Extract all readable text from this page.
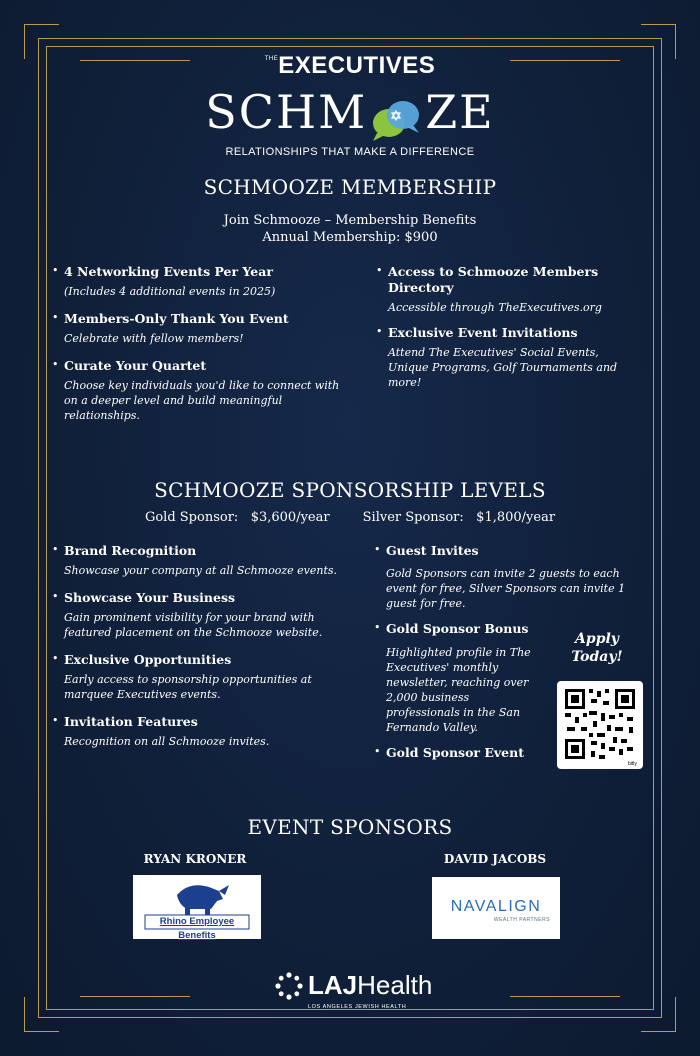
$^{THE}$EXECUTIVES
SCHM ZE
RELATIONSHIPS THAT MAKE A DIFFERENCE
SCHMOOZE MEMBERSHIP
Join Schmooze – Membership Benefits
Annual Membership: $900
• 4 Networking Events Per Year
(Includes 4 additional events in 2025)
• Members-Only Thank You Event
Celebrate with fellow members!
• Curate Your Quartet
Choose key individuals you'd like to connect with on a deeper level and build meaningful relationships.
• Access to Schmooze Members Directory
Accessible through TheExecutives.org
• Exclusive Event Invitations
Attend The Executives' Social Events, Unique Programs, Golf Tournaments and more!
SCHMOOZE SPONSORSHIP LEVELS
Gold Sponsor: $3,600/year	Silver Sponsor: $1,800/year
• Brand Recognition
Showcase your company at all Schmooze events.
• Showcase Your Business
Gain prominent visibility for your brand with featured placement on the Schmooze website.
• Exclusive Opportunities
Early access to sponsorship opportunities at marquee Executives events.
• Invitation Features
Recognition on all Schmooze invites.
• Guest Invites
Gold Sponsors can invite 2 guests to each event for free, Silver Sponsors can invite 1 guest for free.
• Gold Sponsor Bonus
Highlighted profile in The Executives' monthly newsletter, reaching over 2,000 business professionals in the San Fernando Valley.
• Gold Sponsor Event
Apply
Today!
bitly
EVENT SPONSORS
RYAN KRONER	DAVID JACOBS
Rhino Employee Benefits
NAVALIGN
WEALTH PARTNERS
LAJHealth
LOS ANGELES JEWISH HEALTH
